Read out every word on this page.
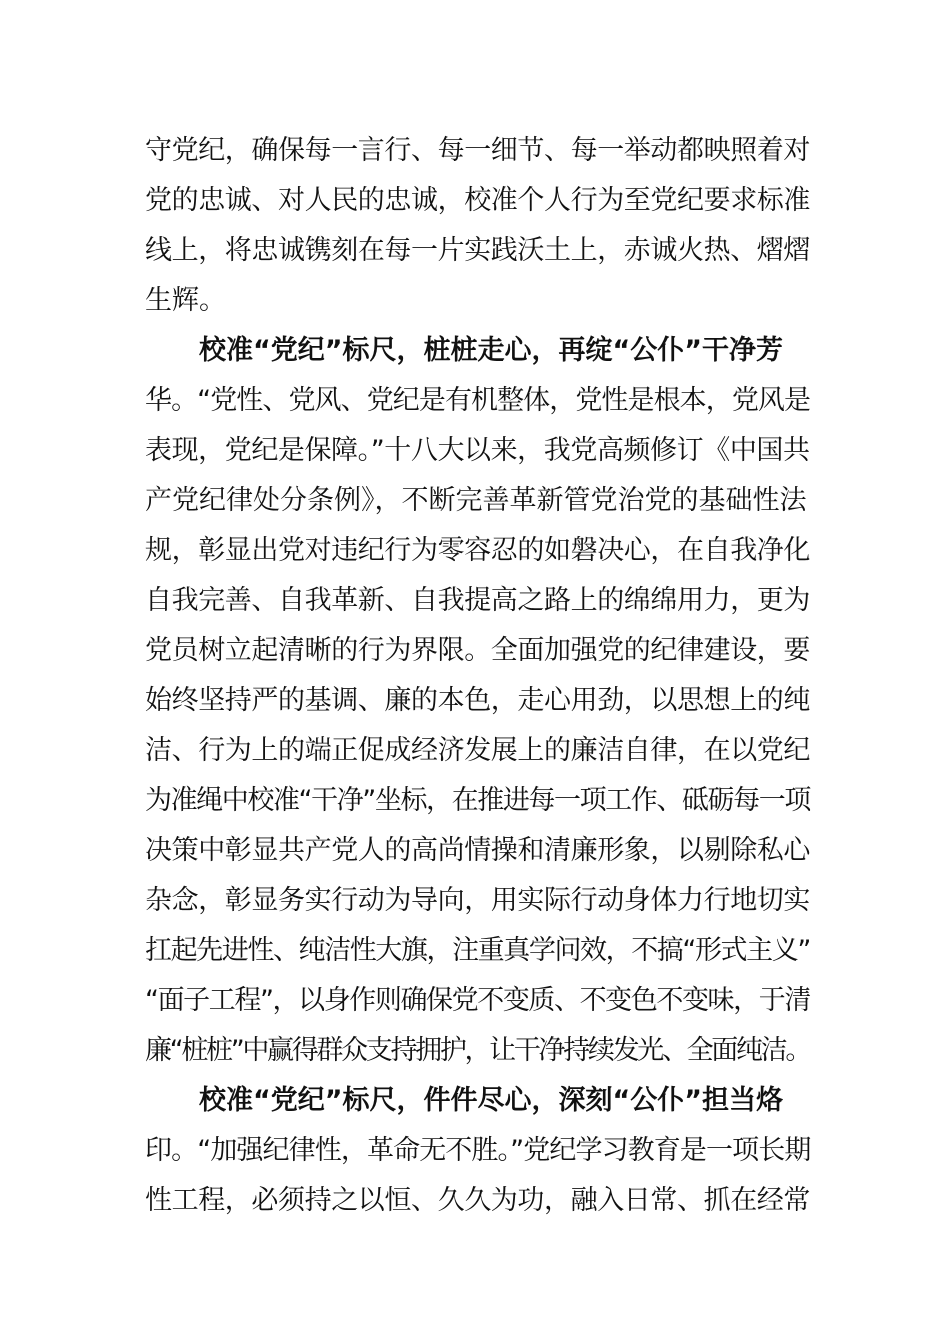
守党纪，确保每一言行、每一细节、每一举动都映照着对
党的忠诚、对人民的忠诚，校准个人行为至党纪要求标准
线上，将忠诚镌刻在每一片实践沃土上，赤诚火热、熠熠
生辉。
校准“党纪”标尺，桩桩走心，再绽“公仆”干净芳
华。“党性、党风、党纪是有机整体，党性是根本，党风是
表现，党纪是保障。”十八大以来，我党高频修订《中国共
产党纪律处分条例》，不断完善革新管党治党的基础性法
规，彰显出党对违纪行为零容忍的如磐决心，在自我净化
自我完善、自我革新、自我提高之路上的绵绵用力，更为
党员树立起清晰的行为界限。全面加强党的纪律建设，要
始终坚持严的基调、廉的本色，走心用劲，以思想上的纯
洁、行为上的端正促成经济发展上的廉洁自律，在以党纪
为准绳中校准“干净”坐标，在推进每一项工作、砥砺每一项
决策中彰显共产党人的高尚情操和清廉形象，以剔除私心
杂念，彰显务实行动为导向，用实际行动身体力行地切实
扛起先进性、纯洁性大旗，注重真学问效，不搞“形式主义”
“面子工程”，以身作则确保党不变质、不变色不变味，于清
廉“桩桩”中赢得群众支持拥护，让干净持续发光、全面纯洁。
校准“党纪”标尺，件件尽心，深刻“公仆”担当烙
印。“加强纪律性，革命无不胜。”党纪学习教育是一项长期
性工程，必须持之以恒、久久为功，融入日常、抓在经常
